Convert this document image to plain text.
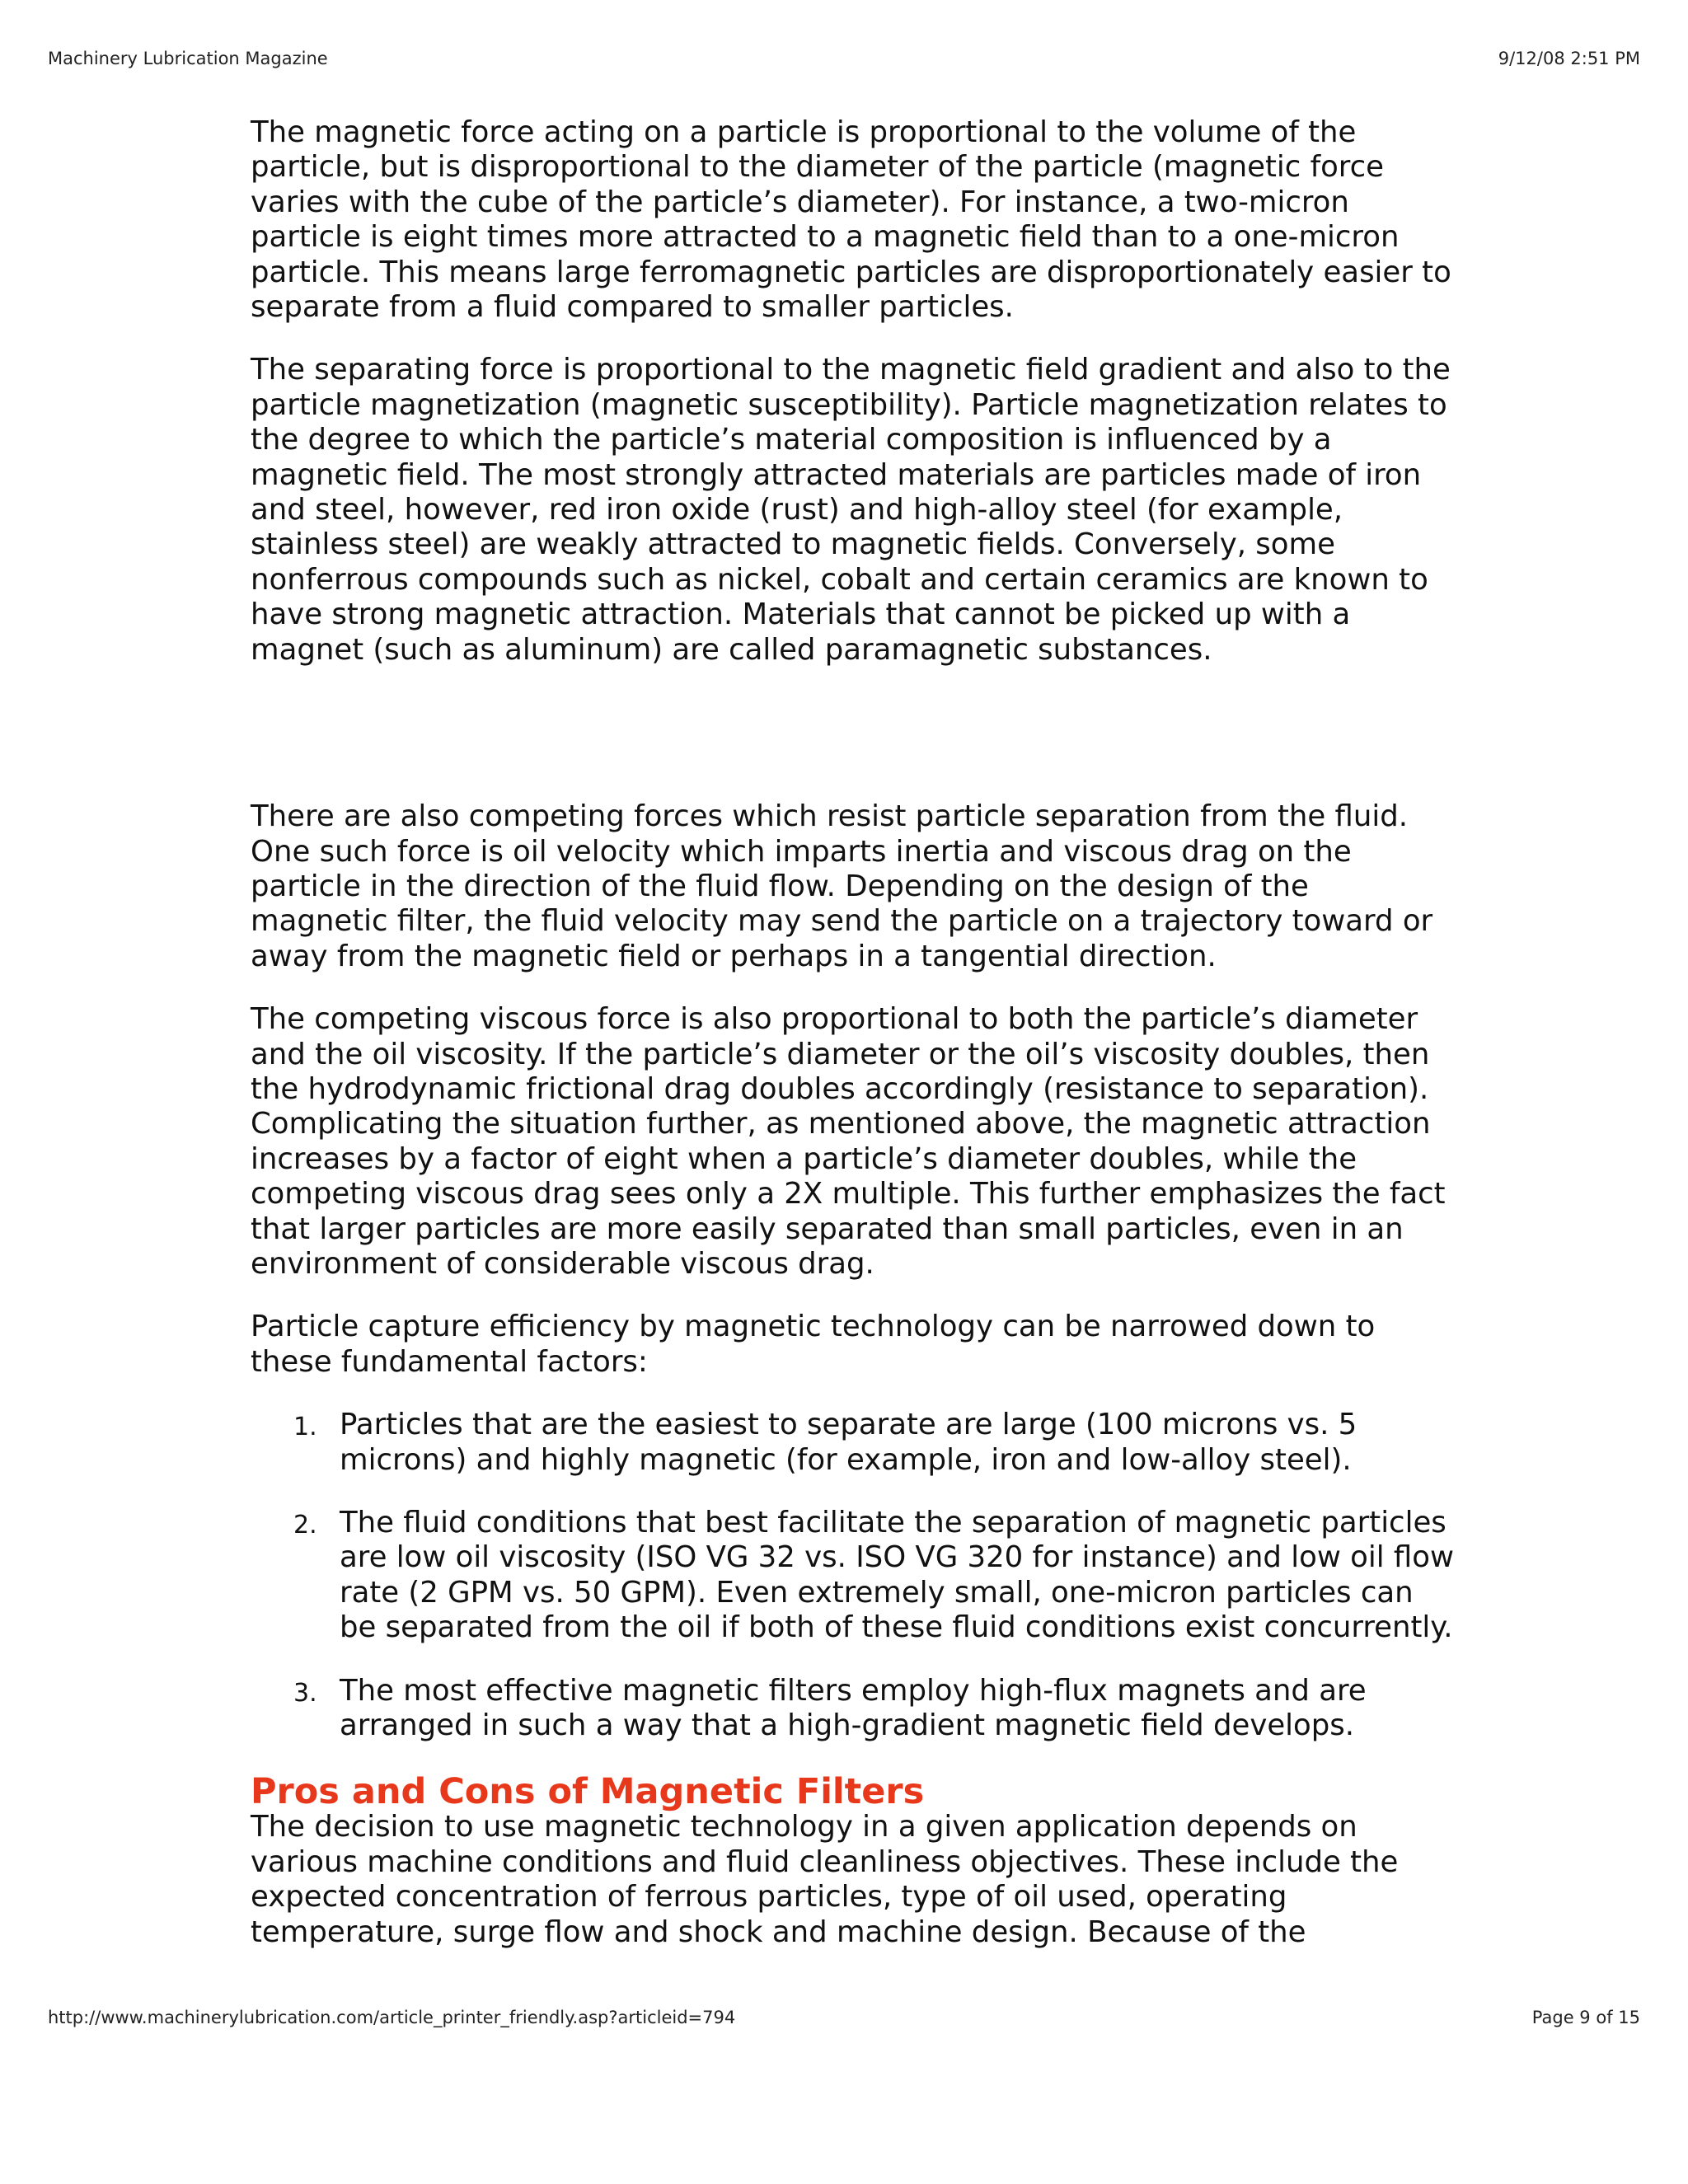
Machinery Lubrication Magazine	9/12/08 2:51 PM

The magnetic force acting on a particle is proportional to the volume of the particle, but is disproportional to the diameter of the particle (magnetic force varies with the cube of the particle’s diameter). For instance, a two-micron particle is eight times more attracted to a magnetic field than to a one-micron particle. This means large ferromagnetic particles are disproportionately easier to separate from a fluid compared to smaller particles.

The separating force is proportional to the magnetic field gradient and also to the particle magnetization (magnetic susceptibility). Particle magnetization relates to the degree to which the particle’s material composition is influenced by a magnetic field. The most strongly attracted materials are particles made of iron and steel, however, red iron oxide (rust) and high-alloy steel (for example, stainless steel) are weakly attracted to magnetic fields. Conversely, some nonferrous compounds such as nickel, cobalt and certain ceramics are known to have strong magnetic attraction. Materials that cannot be picked up with a magnet (such as aluminum) are called paramagnetic substances.

There are also competing forces which resist particle separation from the fluid. One such force is oil velocity which imparts inertia and viscous drag on the particle in the direction of the fluid flow. Depending on the design of the magnetic filter, the fluid velocity may send the particle on a trajectory toward or away from the magnetic field or perhaps in a tangential direction.

The competing viscous force is also proportional to both the particle’s diameter and the oil viscosity. If the particle’s diameter or the oil’s viscosity doubles, then the hydrodynamic frictional drag doubles accordingly (resistance to separation). Complicating the situation further, as mentioned above, the magnetic attraction increases by a factor of eight when a particle’s diameter doubles, while the competing viscous drag sees only a 2X multiple. This further emphasizes the fact that larger particles are more easily separated than small particles, even in an environment of considerable viscous drag.

Particle capture efficiency by magnetic technology can be narrowed down to these fundamental factors:

1. Particles that are the easiest to separate are large (100 microns vs. 5 microns) and highly magnetic (for example, iron and low-alloy steel).
2. The fluid conditions that best facilitate the separation of magnetic particles are low oil viscosity (ISO VG 32 vs. ISO VG 320 for instance) and low oil flow rate (2 GPM vs. 50 GPM). Even extremely small, one-micron particles can be separated from the oil if both of these fluid conditions exist concurrently.
3. The most effective magnetic filters employ high-flux magnets and are arranged in such a way that a high-gradient magnetic field develops.
Pros and Cons of Magnetic Filters

The decision to use magnetic technology in a given application depends on various machine conditions and fluid cleanliness objectives. These include the expected concentration of ferrous particles, type of oil used, operating temperature, surge flow and shock and machine design. Because of the

http://www.machinerylubrication.com/article_printer_friendly.asp?articleid=794	Page 9 of 15
